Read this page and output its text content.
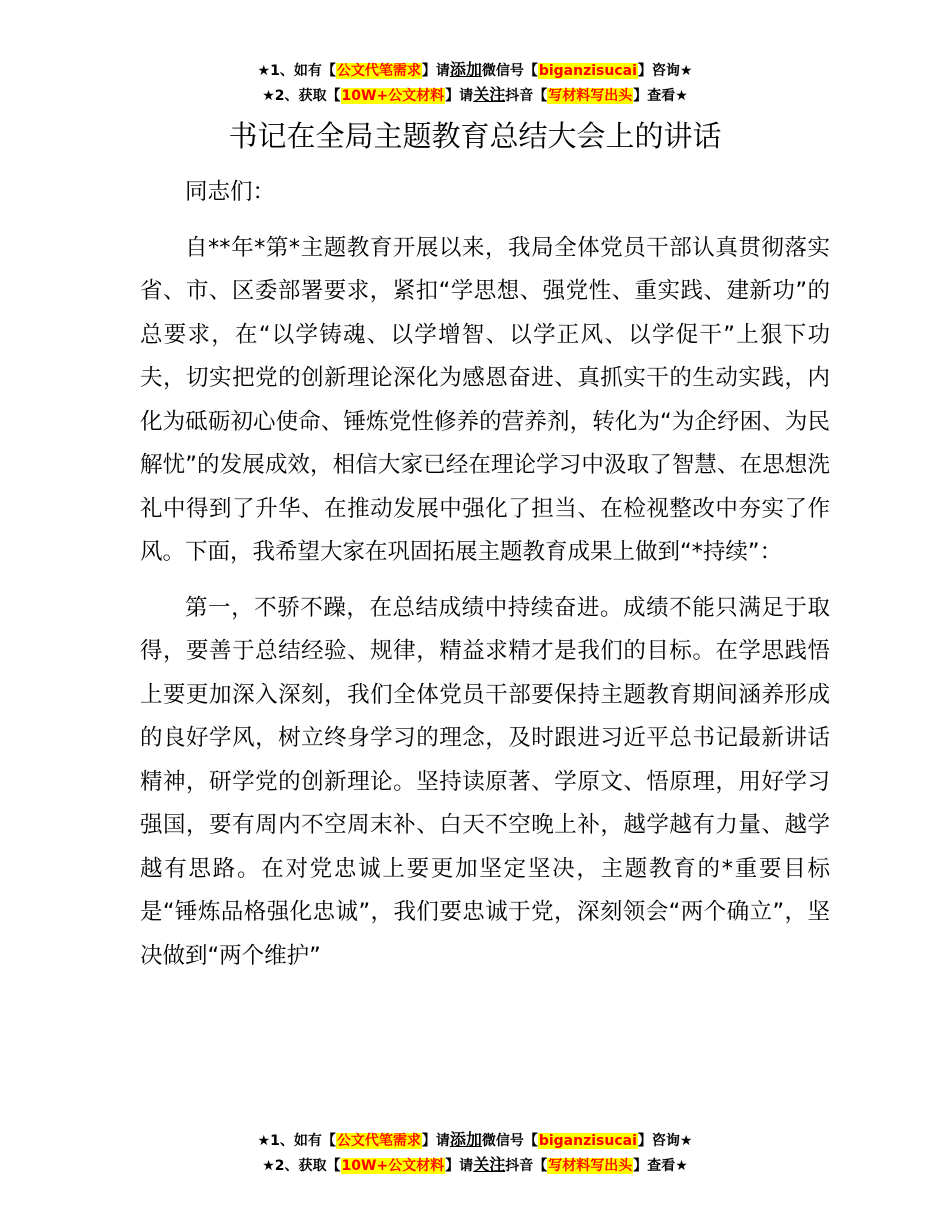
★1、如有【公文代笔需求】请添加微信号【biganzisucai】咨询★
★2、获取【10W+公文材料】请关注抖音【写材料写出头】查看★
书记在全局主题教育总结大会上的讲话

同志们：

自**年*第*主题教育开展以来，我局全体党员干部认真贯彻落实省、市、区委部署要求，紧扣“学思想、强党性、重实践、建新功”的总要求，在“以学铸魂、以学增智、以学正风、以学促干”上狠下功夫，切实把党的创新理论深化为感恩奋进、真抓实干的生动实践，内化为砥砺初心使命、锤炼党性修养的营养剂，转化为“为企纾困、为民解忧”的发展成效，相信大家已经在理论学习中汲取了智慧、在思想洗礼中得到了升华、在推动发展中强化了担当、在检视整改中夯实了作风。下面，我希望大家在巩固拓展主题教育成果上做到“*持续”：

第一，不骄不躁，在总结成绩中持续奋进。成绩不能只满足于取得，要善于总结经验、规律，精益求精才是我们的目标。在学思践悟上要更加深入深刻，我们全体党员干部要保持主题教育期间涵养形成的良好学风，树立终身学习的理念，及时跟进习近平总书记最新讲话精神，研学党的创新理论。坚持读原著、学原文、悟原理，用好学习强国，要有周内不空周末补、白天不空晚上补，越学越有力量、越学越有思路。在对党忠诚上要更加坚定坚决，主题教育的*重要目标是“锤炼品格强化忠诚”，我们要忠诚于党，深刻领会“两个确立”，坚决做到“两个维护”

★1、如有【公文代笔需求】请添加微信号【biganzisucai】咨询★
★2、获取【10W+公文材料】请关注抖音【写材料写出头】查看★
